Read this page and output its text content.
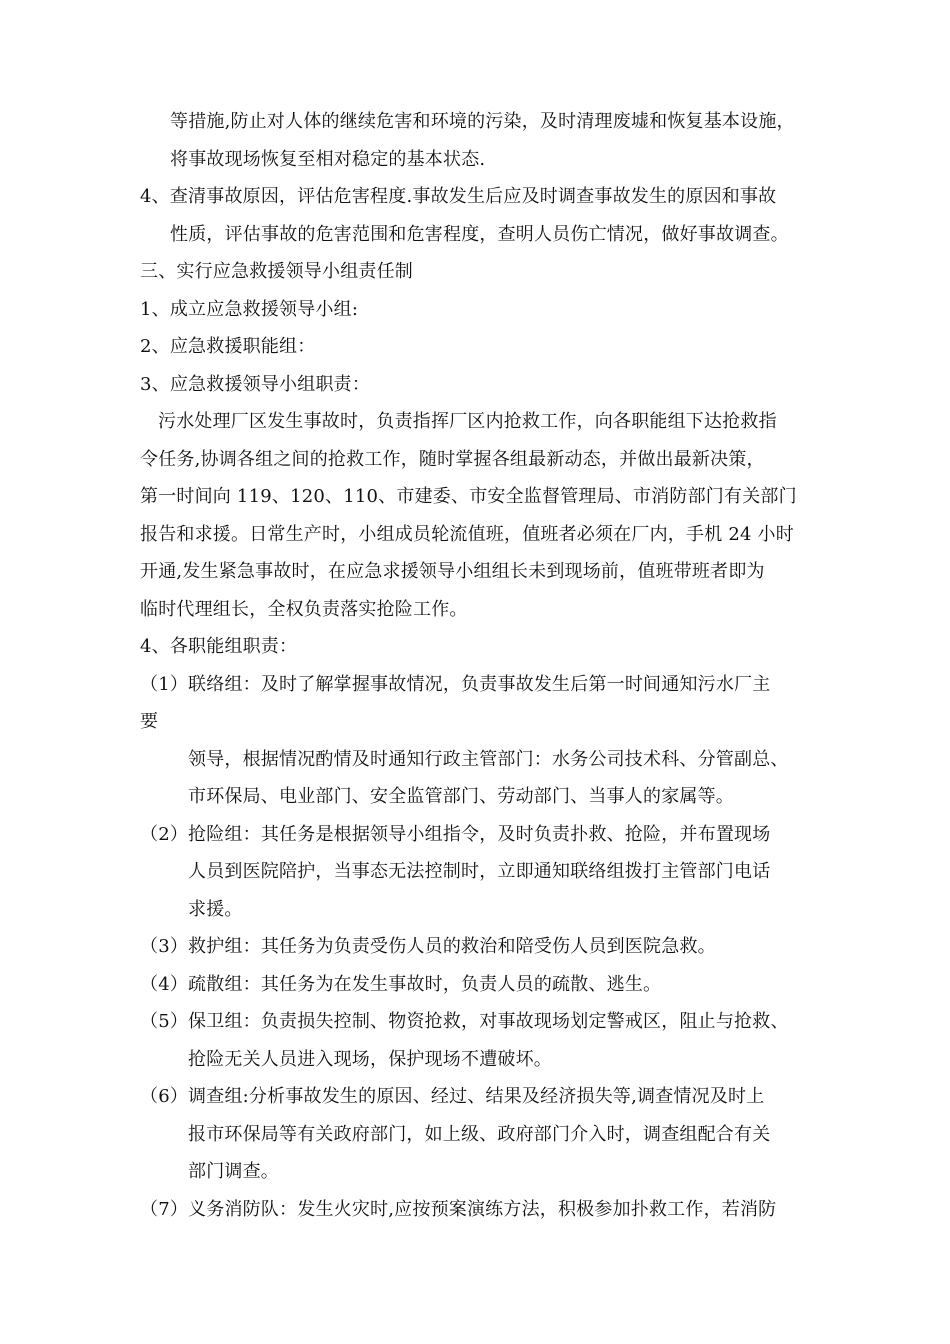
等措施,防止对人体的继续危害和环境的污染，及时清理废墟和恢复基本设施，
将事故现场恢复至相对稳定的基本状态.
4、查清事故原因，评估危害程度.事故发生后应及时调查事故发生的原因和事故
性质，评估事故的危害范围和危害程度，查明人员伤亡情况，做好事故调查。
三、实行应急救援领导小组责任制
1、成立应急救援领导小组:
2、应急救援职能组：
3、应急救援领导小组职责：
污水处理厂区发生事故时，负责指挥厂区内抢救工作，向各职能组下达抢救指
令任务,协调各组之间的抢救工作，随时掌握各组最新动态，并做出最新决策，
第一时间向 119、120、110、市建委、市安全监督管理局、市消防部门有关部门
报告和求援。日常生产时，小组成员轮流值班，值班者必须在厂内，手机 24 小时
开通,发生紧急事故时，在应急求援领导小组组长未到现场前，值班带班者即为
临时代理组长，全权负责落实抢险工作。
4、各职能组职责：
（1）联络组：及时了解掌握事故情况，负责事故发生后第一时间通知污水厂主
要
领导，根据情况酌情及时通知行政主管部门：水务公司技术科、分管副总、
市环保局、电业部门、安全监管部门、劳动部门、当事人的家属等。
（2）抢险组：其任务是根据领导小组指令，及时负责扑救、抢险，并布置现场
人员到医院陪护，当事态无法控制时，立即通知联络组拨打主管部门电话
求援。
（3）救护组：其任务为负责受伤人员的救治和陪受伤人员到医院急救。
（4）疏散组：其任务为在发生事故时，负责人员的疏散、逃生。
（5）保卫组：负责损失控制、物资抢救，对事故现场划定警戒区，阻止与抢救、
抢险无关人员进入现场，保护现场不遭破坏。
（6）调查组:分析事故发生的原因、经过、结果及经济损失等,调查情况及时上
报市环保局等有关政府部门，如上级、政府部门介入时，调查组配合有关
部门调查。
（7）义务消防队：发生火灾时,应按预案演练方法，积极参加扑救工作，若消防
